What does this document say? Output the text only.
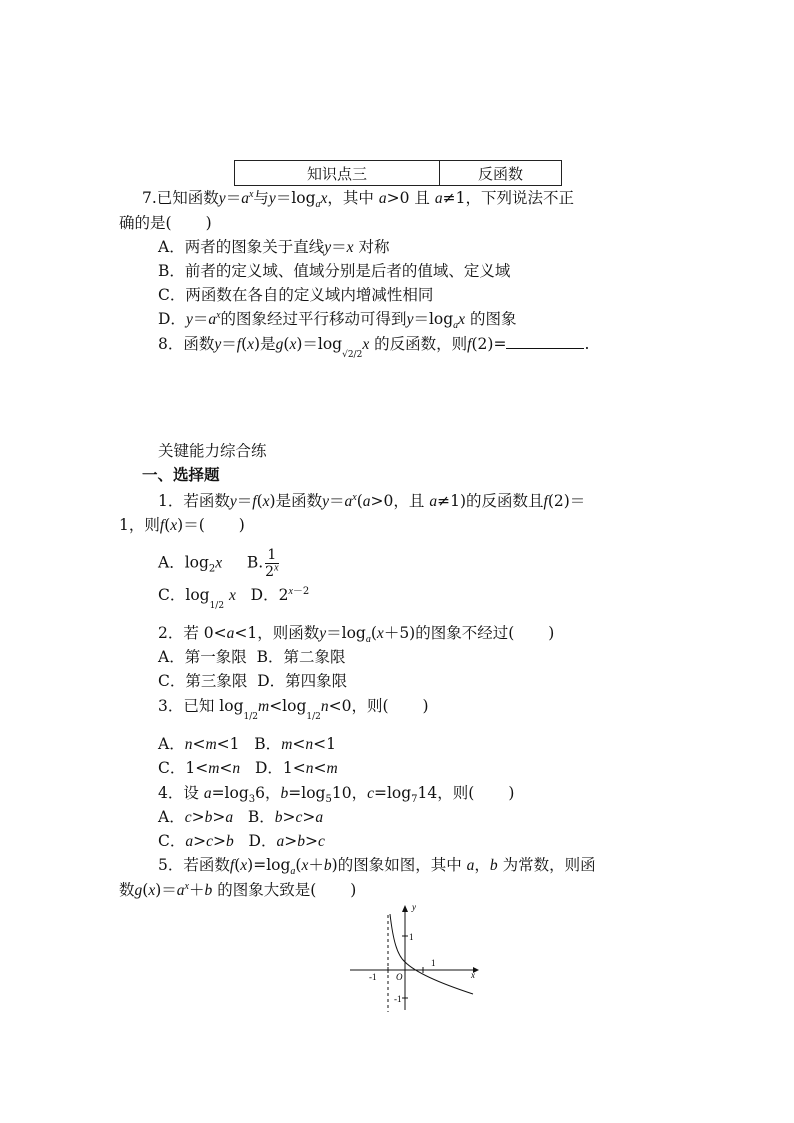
知识点三	反函数
7.已知函数$y=a^x$与$y=\log_ax$，其中 a>0 且 a≠1，下列说法不正
确的是( )
A．两者的图象关于直线y＝x 对称
B．前者的定义域、值域分别是后者的值域、定义域
C．两函数在各自的定义域内增减性相同
D．$y=a^x$的图象经过平行移动可得到$y=\log_ax$ 的图象
8．函数y＝f(x)是$g(x)=\log_{√2/2}x$ 的反函数，则f(2)=	.
关键能力综合练
一、选择题
1．若函数y＝f(x)是函数$y=a^x(a>0$，且 a≠1)的反函数且f(2)＝
1，则f(x)＝( )
A．$\log_2x$ B. $\frac{1}{2^x}$
C．$\log_{1/2} x$ D．$2^{x-2}$
2．若 0<a<1，则函数$y=\log_a(x+5)$的图象不经过( )
A．第一象限 B．第二象限
C．第三象限 D．第四象限
3．已知 $\log_{1/2}m<\log_{1/2}n<0$，则( )
A．n<m<1   B．m<n<1
C．1<m<n D．1<n<m
4．设 $a=\log_36$，$b=\log_510$，$c=\log_714$，则( )
A．c>b>a B．b>c>a
C．a>c>b D．a>b>c
5．若函数$f(x)=\log_a(x+b)$的图象如图，其中 a，b 为常数，则函
数$g(x)=a^x+b$ 的图象大致是( )
y
x
O
1
-1
1
-1
